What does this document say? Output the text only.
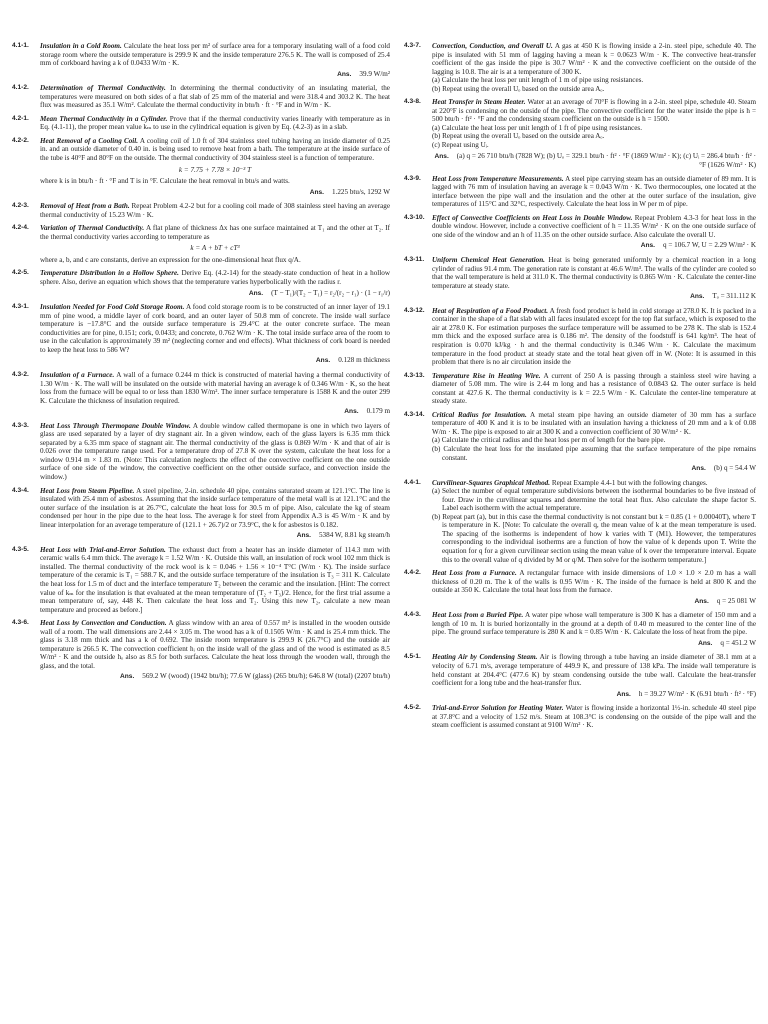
4.1-1.	Insulation in a Cold Room. Calculate the heat loss per m² of surface area for a temporary insulating wall of a food cold storage room where the outside temperature is 299.9 K and the inside temperature 276.5 K. The wall is composed of 25.4 mm of corkboard having a k of 0.0433 W/m · K.
Ans. 39.9 W/m²
4.1-2.	Determination of Thermal Conductivity. In determining the thermal conductivity of an insulating material, the temperatures were measured on both sides of a flat slab of 25 mm of the material and were 318.4 and 303.2 K. The heat flux was measured as 35.1 W/m². Calculate the thermal conductivity in btu/h · ft · °F and in W/m · K.
4.2-1.	Mean Thermal Conductivity in a Cylinder. Prove that if the thermal conductivity varies linearly with temperature as in Eq. (4.1-11), the proper mean value kₘ to use in the cylindrical equation is given by Eq. (4.2-3) as in a slab.
4.2-2.	Heat Removal of a Cooling Coil. A cooling coil of 1.0 ft of 304 stainless steel tubing having an inside diameter of 0.25 in. and an outside diameter of 0.40 in. is being used to remove heat from a bath. The temperature at the inside surface of the tube is 40°F and 80°F on the outside. The thermal conductivity of 304 stainless steel is a function of temperature.
k = 7.75 + 7.78 × 10⁻³ T
where k is in btu/h · ft · °F and T is in °F. Calculate the heat removal in btu/s and watts.
Ans. 1.225 btu/s, 1292 W
4.2-3.	Removal of Heat from a Bath. Repeat Problem 4.2-2 but for a cooling coil made of 308 stainless steel having an average thermal conductivity of 15.23 W/m · K.
4.2-4.	Variation of Thermal Conductivity. A flat plane of thickness Δx has one surface maintained at T₁ and the other at T₂. If the thermal conductivity varies according to temperature as
k = A + bT + cT³
where a, b, and c are constants, derive an expression for the one-dimensional heat flux q/A.
4.2-5.	Temperature Distribution in a Hollow Sphere. Derive Eq. (4.2-14) for the steady-state conduction of heat in a hollow sphere. Also, derive an equation which shows that the temperature varies hyperbolically with the radius r.
Ans. (T − T₁)/(T₂ − T₁) = r₂/(r₂ − r₁) · (1 − r₁/r)
4.3-1.	Insulation Needed for Food Cold Storage Room. A food cold storage room is to be constructed of an inner layer of 19.1 mm of pine wood, a middle layer of cork board, and an outer layer of 50.8 mm of concrete. The inside wall surface temperature is −17.8°C and the outside surface temperature is 29.4°C at the outer concrete surface. The mean conductivities are for pine, 0.151; cork, 0.0433; and concrete, 0.762 W/m · K. The total inside surface area of the room to use in the calculation is approximately 39 m² (neglecting corner and end effects). What thickness of cork board is needed to keep the heat loss to 586 W?
Ans. 0.128 m thickness
4.3-2.	Insulation of a Furnace. A wall of a furnace 0.244 m thick is constructed of material having a thermal conductivity of 1.30 W/m · K. The wall will be insulated on the outside with material having an average k of 0.346 W/m · K, so the heat loss from the furnace will be equal to or less than 1830 W/m². The inner surface temperature is 1588 K and the outer 299 K. Calculate the thickness of insulation required.
Ans. 0.179 m
4.3-3.	Heat Loss Through Thermopane Double Window. A double window called thermopane is one in which two layers of glass are used separated by a layer of dry stagnant air. In a given window, each of the glass layers is 6.35 mm thick separated by a 6.35 mm space of stagnant air. The thermal conductivity of the glass is 0.869 W/m · K and that of air is 0.026 over the temperature range used. For a temperature drop of 27.8 K over the system, calculate the heat loss for a window 0.914 m × 1.83 m. (Note: This calculation neglects the effect of the convective coefficient on the one outside surface of one side of the window, the convective coefficient on the other outside surface, and convection inside the window.)
4.3-4.	Heat Loss from Steam Pipeline. A steel pipeline, 2-in. schedule 40 pipe, contains saturated steam at 121.1°C. The line is insulated with 25.4 mm of asbestos. Assuming that the inside surface temperature of the metal wall is at 121.1°C and the outer surface of the insulation is at 26.7°C, calculate the heat loss for 30.5 m of pipe. Also, calculate the kg of steam condensed per hour in the pipe due to the heat loss. The average k for steel from Appendix A.3 is 45 W/m · K and by linear interpolation for an average temperature of (121.1 + 26.7)/2 or 73.9°C, the k for asbestos is 0.182.
Ans. 5384 W, 8.81 kg steam/h
4.3-5.	Heat Loss with Trial-and-Error Solution. The exhaust duct from a heater has an inside diameter of 114.3 mm with ceramic walls 6.4 mm thick. The average k = 1.52 W/m · K. Outside this wall, an insulation of rock wool 102 mm thick is installed. The thermal conductivity of the rock wool is k = 0.046 + 1.56 × 10⁻⁴ T°C (W/m · K). The inside surface temperature of the ceramic is T₁ = 588.7 K, and the outside surface temperature of the insulation is T₃ = 311 K. Calculate the heat loss for 1.5 m of duct and the interface temperature T₂ between the ceramic and the insulation. [Hint: The correct value of kₘ for the insulation is that evaluated at the mean temperature of (T₂ + T₃)/2. Hence, for the first trial assume a mean temperature of, say, 448 K. Then calculate the heat loss and T₂. Using this new T₂, calculate a new mean temperature and proceed as before.]
4.3-6.	Heat Loss by Convection and Conduction. A glass window with an area of 0.557 m² is installed in the wooden outside wall of a room. The wall dimensions are 2.44 × 3.05 m. The wood has a k of 0.1505 W/m · K and is 25.4 mm thick. The glass is 3.18 mm thick and has a k of 0.692. The inside room temperature is 299.9 K (26.7°C) and the outside air temperature is 266.5 K. The convection coefficient hᵢ on the inside wall of the glass and of the wood is estimated as 8.5 W/m² · K and the outside hₒ also as 8.5 for both surfaces. Calculate the heat loss through the wooden wall, through the glass, and the total.
Ans. 569.2 W (wood) (1942 btu/h); 77.6 W (glass) (265 btu/h); 646.8 W (total) (2207 btu/h)
4.3-7.	Convection, Conduction, and Overall U. A gas at 450 K is flowing inside a 2-in. steel pipe, schedule 40. The pipe is insulated with 51 mm of lagging having a mean k = 0.0623 W/m · K. The convective heat-transfer coefficient of the gas inside the pipe is 30.7 W/m² · K and the convective coefficient on the outside of the lagging is 10.8. The air is at a temperature of 300 K.
(a) Calculate the heat loss per unit length of 1 m of pipe using resistances.
(b) Repeat using the overall Uₒ based on the outside area Aₒ.
4.3-8.	Heat Transfer in Steam Heater. Water at an average of 70°F is flowing in a 2-in. steel pipe, schedule 40. Steam at 220°F is condensing on the outside of the pipe. The convective coefficient for the water inside the pipe is h = 500 btu/h · ft² · °F and the condensing steam coefficient on the outside is h = 1500.
(a) Calculate the heat loss per unit length of 1 ft of pipe using resistances.
(b) Repeat using the overall Uₒ based on the outside area Aₒ.
(c) Repeat using Uᵢ.
Ans. (a) q = 26 710 btu/h (7828 W); (b) Uₒ = 329.1 btu/h · ft² · °F (1869 W/m² · K); (c) Uᵢ = 286.4 btu/h · ft² · °F (1626 W/m² · K)
4.3-9.	Heat Loss from Temperature Measurements. A steel pipe carrying steam has an outside diameter of 89 mm. It is lagged with 76 mm of insulation having an average k = 0.043 W/m · K. Two thermocouples, one located at the interface between the pipe wall and the insulation and the other at the outer surface of the insulation, give temperatures of 115°C and 32°C, respectively. Calculate the heat loss in W per m of pipe.
4.3-10.	Effect of Convective Coefficients on Heat Loss in Double Window. Repeat Problem 4.3-3 for heat loss in the double window. However, include a convective coefficient of h = 11.35 W/m² · K on the one outside surface of one side of the window and an h of 11.35 on the other outside surface. Also calculate the overall U.
Ans. q = 106.7 W, U = 2.29 W/m² · K
4.3-11.	Uniform Chemical Heat Generation. Heat is being generated uniformly by a chemical reaction in a long cylinder of radius 91.4 mm. The generation rate is constant at 46.6 W/m³. The walls of the cylinder are cooled so that the wall temperature is held at 311.0 K. The thermal conductivity is 0.865 W/m · K. Calculate the center-line temperature at steady state.
Ans. Tₒ = 311.112 K
4.3-12.	Heat of Respiration of a Food Product. A fresh food product is held in cold storage at 278.0 K. It is packed in a container in the shape of a flat slab with all faces insulated except for the top flat surface, which is exposed to the air at 278.0 K. For estimation purposes the surface temperature will be assumed to be 278 K. The slab is 152.4 mm thick and the exposed surface area is 0.186 m². The density of the foodstuff is 641 kg/m³. The heat of respiration is 0.070 kJ/kg · h and the thermal conductivity is 0.346 W/m · K. Calculate the maximum temperature in the food product at steady state and the total heat given off in W. (Note: It is assumed in this problem that there is no air circulation inside the
4.3-13.	Temperature Rise in Heating Wire. A current of 250 A is passing through a stainless steel wire having a diameter of 5.08 mm. The wire is 2.44 m long and has a resistance of 0.0843 Ω. The outer surface is held constant at 427.6 K. The thermal conductivity is k = 22.5 W/m · K. Calculate the center-line temperature at steady state.
4.3-14.	Critical Radius for Insulation. A metal steam pipe having an outside diameter of 30 mm has a surface temperature of 400 K and it is to be insulated with an insulation having a thickness of 20 mm and a k of 0.08 W/m · K. The pipe is exposed to air at 300 K and a convection coefficient of 30 W/m² · K.
(a) Calculate the critical radius and the heat loss per m of length for the bare pipe.
(b) Calculate the heat loss for the insulated pipe assuming that the surface temperature of the pipe remains constant.
Ans. (b) q = 54.4 W
4.4-1.	Curvilinear-Squares Graphical Method. Repeat Example 4.4-1 but with the following changes.
(a) Select the number of equal temperature subdivisions between the isothermal boundaries to be five instead of four. Draw in the curvilinear squares and determine the total heat flux. Also calculate the shape factor S. Label each isotherm with the actual temperature.
(b) Repeat part (a), but in this case the thermal conductivity is not constant but k = 0.85 (1 + 0.00040T), where T is temperature in K. [Note: To calculate the overall q, the mean value of k at the mean temperature is used. The spacing of the isotherms is independent of how k varies with T (M1). However, the temperatures corresponding to the individual isotherms are a function of how the value of k depends upon T. Write the equation for q for a given curvilinear section using the mean value of k over the temperature interval. Equate this to the overall value of q divided by M or q/M. Then solve for the isotherm temperature.]
4.4-2.	Heat Loss from a Furnace. A rectangular furnace with inside dimensions of 1.0 × 1.0 × 2.0 m has a wall thickness of 0.20 m. The k of the walls is 0.95 W/m · K. The inside of the furnace is held at 800 K and the outside at 350 K. Calculate the total heat loss from the furnace.
Ans. q = 25 081 W
4.4-3.	Heat Loss from a Buried Pipe. A water pipe whose wall temperature is 300 K has a diameter of 150 mm and a length of 10 m. It is buried horizontally in the ground at a depth of 0.40 m measured to the center line of the pipe. The ground surface temperature is 280 K and k = 0.85 W/m · K. Calculate the loss of heat from the pipe.
Ans. q = 451.2 W
4.5-1.	Heating Air by Condensing Steam. Air is flowing through a tube having an inside diameter of 38.1 mm at a velocity of 6.71 m/s, average temperature of 449.9 K, and pressure of 138 kPa. The inside wall temperature is held constant at 204.4°C (477.6 K) by steam condensing outside the tube wall. Calculate the heat-transfer coefficient for a long tube and the heat-transfer flux.
Ans. h = 39.27 W/m² · K (6.91 btu/h · ft² · °F)
4.5-2.	Trial-and-Error Solution for Heating Water. Water is flowing inside a horizontal 1½-in. schedule 40 steel pipe at 37.8°C and a velocity of 1.52 m/s. Steam at 108.3°C is condensing on the outside of the pipe wall and the steam coefficient is assumed constant at 9100 W/m² · K.
